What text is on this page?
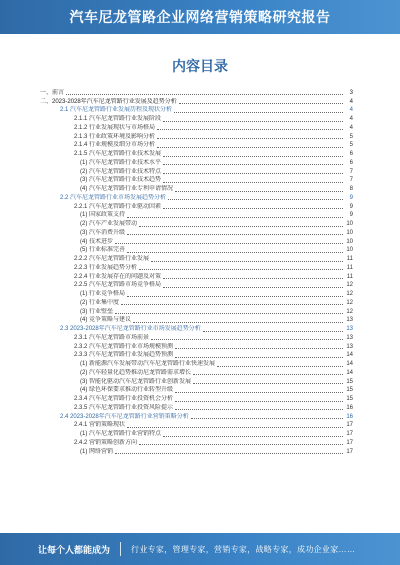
汽车尼龙管路企业网络营销策略研究报告
内容目录
一、前言	3
二、2023-2028年汽车尼龙管路行业发展及趋势分析	4
2.1 汽车尼龙管路行业发展历程及现状分析	4
2.1.1 汽车尼龙管路行业发展阶段	4
2.1.2 行业发展现状与市场格局	4
2.1.3 行业政策环境及影响分析	5
2.1.4 行业规模及细分市场分析	5
2.1.5 汽车尼龙管路行业技术发展	6
(1) 汽车尼龙管路行业技术水平	6
(2) 汽车尼龙管路行业技术特点	7
(3) 汽车尼龙管路行业技术趋势	7
(4) 汽车尼龙管路行业专利申请情况	8
2.2 汽车尼龙管路行业市场发展趋势分析	9
2.2.1 汽车尼龙管路行业驱动因素	9
(1) 国家政策支持	9
(2) 汽车产业发展带动	10
(3) 汽车消费升级	10
(4) 技术进步	10
(5) 行业标准完善	10
2.2.2 汽车尼龙管路行业发展	11
2.2.3 行业发展趋势分析	11
2.2.4 行业发展存在的问题及对策	11
2.2.5 汽车尼龙管路市场竞争格局	12
(1) 行业竞争格局	12
(2) 行业集中度	12
(3) 行业壁垒	12
(4) 竞争策略与建议	13
2.3 2023-2028年汽车尼龙管路行业市场发展趋势分析	13
2.3.1 汽车尼龙管路市场前景	13
2.3.2 汽车尼龙管路行业市场规模预测	13
2.3.3 汽车尼龙管路行业发展趋势预测	14
(1) 新能源汽车发展带动汽车尼龙管路行业快速发展	14
(2) 汽车轻量化趋势推动尼龙管路需求增长	14
(3) 智能化驱动汽车尼龙管路行业创新发展	15
(4) 绿色环保要求推动行业转型升级	15
2.3.4 汽车尼龙管路行业投资机会分析	15
2.3.5 汽车尼龙管路行业投资风险提示	16
2.4 2023-2028年汽车尼龙管路行业营销策略分析	16
2.4.1 营销策略现状	17
(1) 汽车尼龙管路行业营销特点	17
2.4.2 营销策略创新方向	17
(1) 网络营销	17
让每个人都能成为	行业专家，管理专家，营销专家，战略专家，成功企业家……
